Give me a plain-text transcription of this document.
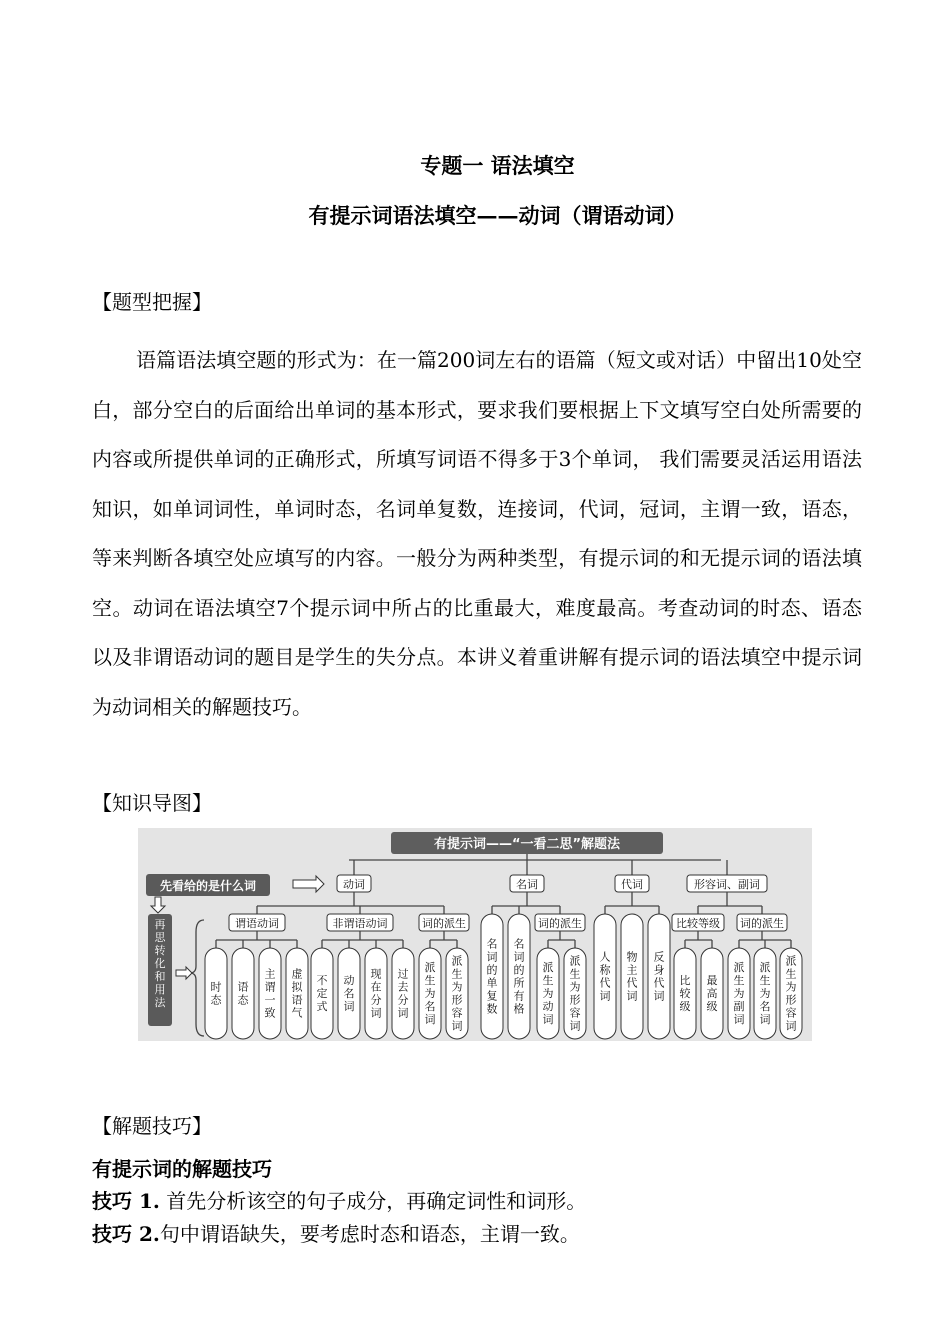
专题一 语法填空
有提示词语法填空——动词（谓语动词）
【题型把握】

语篇语法填空题的形式为：在一篇200词左右的语篇（短文或对话）中留出10处空白，部分空白的后面给出单词的基本形式，要求我们要根据上下文填写空白处所需要的内容或所提供单词的正确形式，所填写词语不得多于3个单词， 我们需要灵活运用语法知识，如单词词性，单词时态，名词单复数，连接词，代词，冠词，主谓一致，语态，等来判断各填空处应填写的内容。一般分为两种类型，有提示词的和无提示词的语法填空。动词在语法填空7个提示词中所占的比重最大，难度最高。考查动词的时态、语态以及非谓语动词的题目是学生的失分点。本讲义着重讲解有提示词的语法填空中提示词为动词相关的解题技巧。

【知识导图】
有提示词——“一看二思”解题法
动词	名词	代词	形容词、副词
先看给的是什么词
再思转化和用法
谓语动词	非谓语动词	词的派生	词的派生	比较等级 词的派生
时态
语态
主谓一致
虚拟语气
不定式
动名词
现在分词
过去分词
派生为名词
派生为形容词
名词的单复数
名词的所有格
派生为动词
派生为形容词
人称代词
物主代词
反身代词
比较级
最高级
派生为副词
派生为名词
派生为形容词
【解题技巧】
有提示词的解题技巧
技巧 1. 首先分析该空的句子成分，再确定词性和词形。
技巧 2.句中谓语缺失，要考虑时态和语态，主谓一致。
